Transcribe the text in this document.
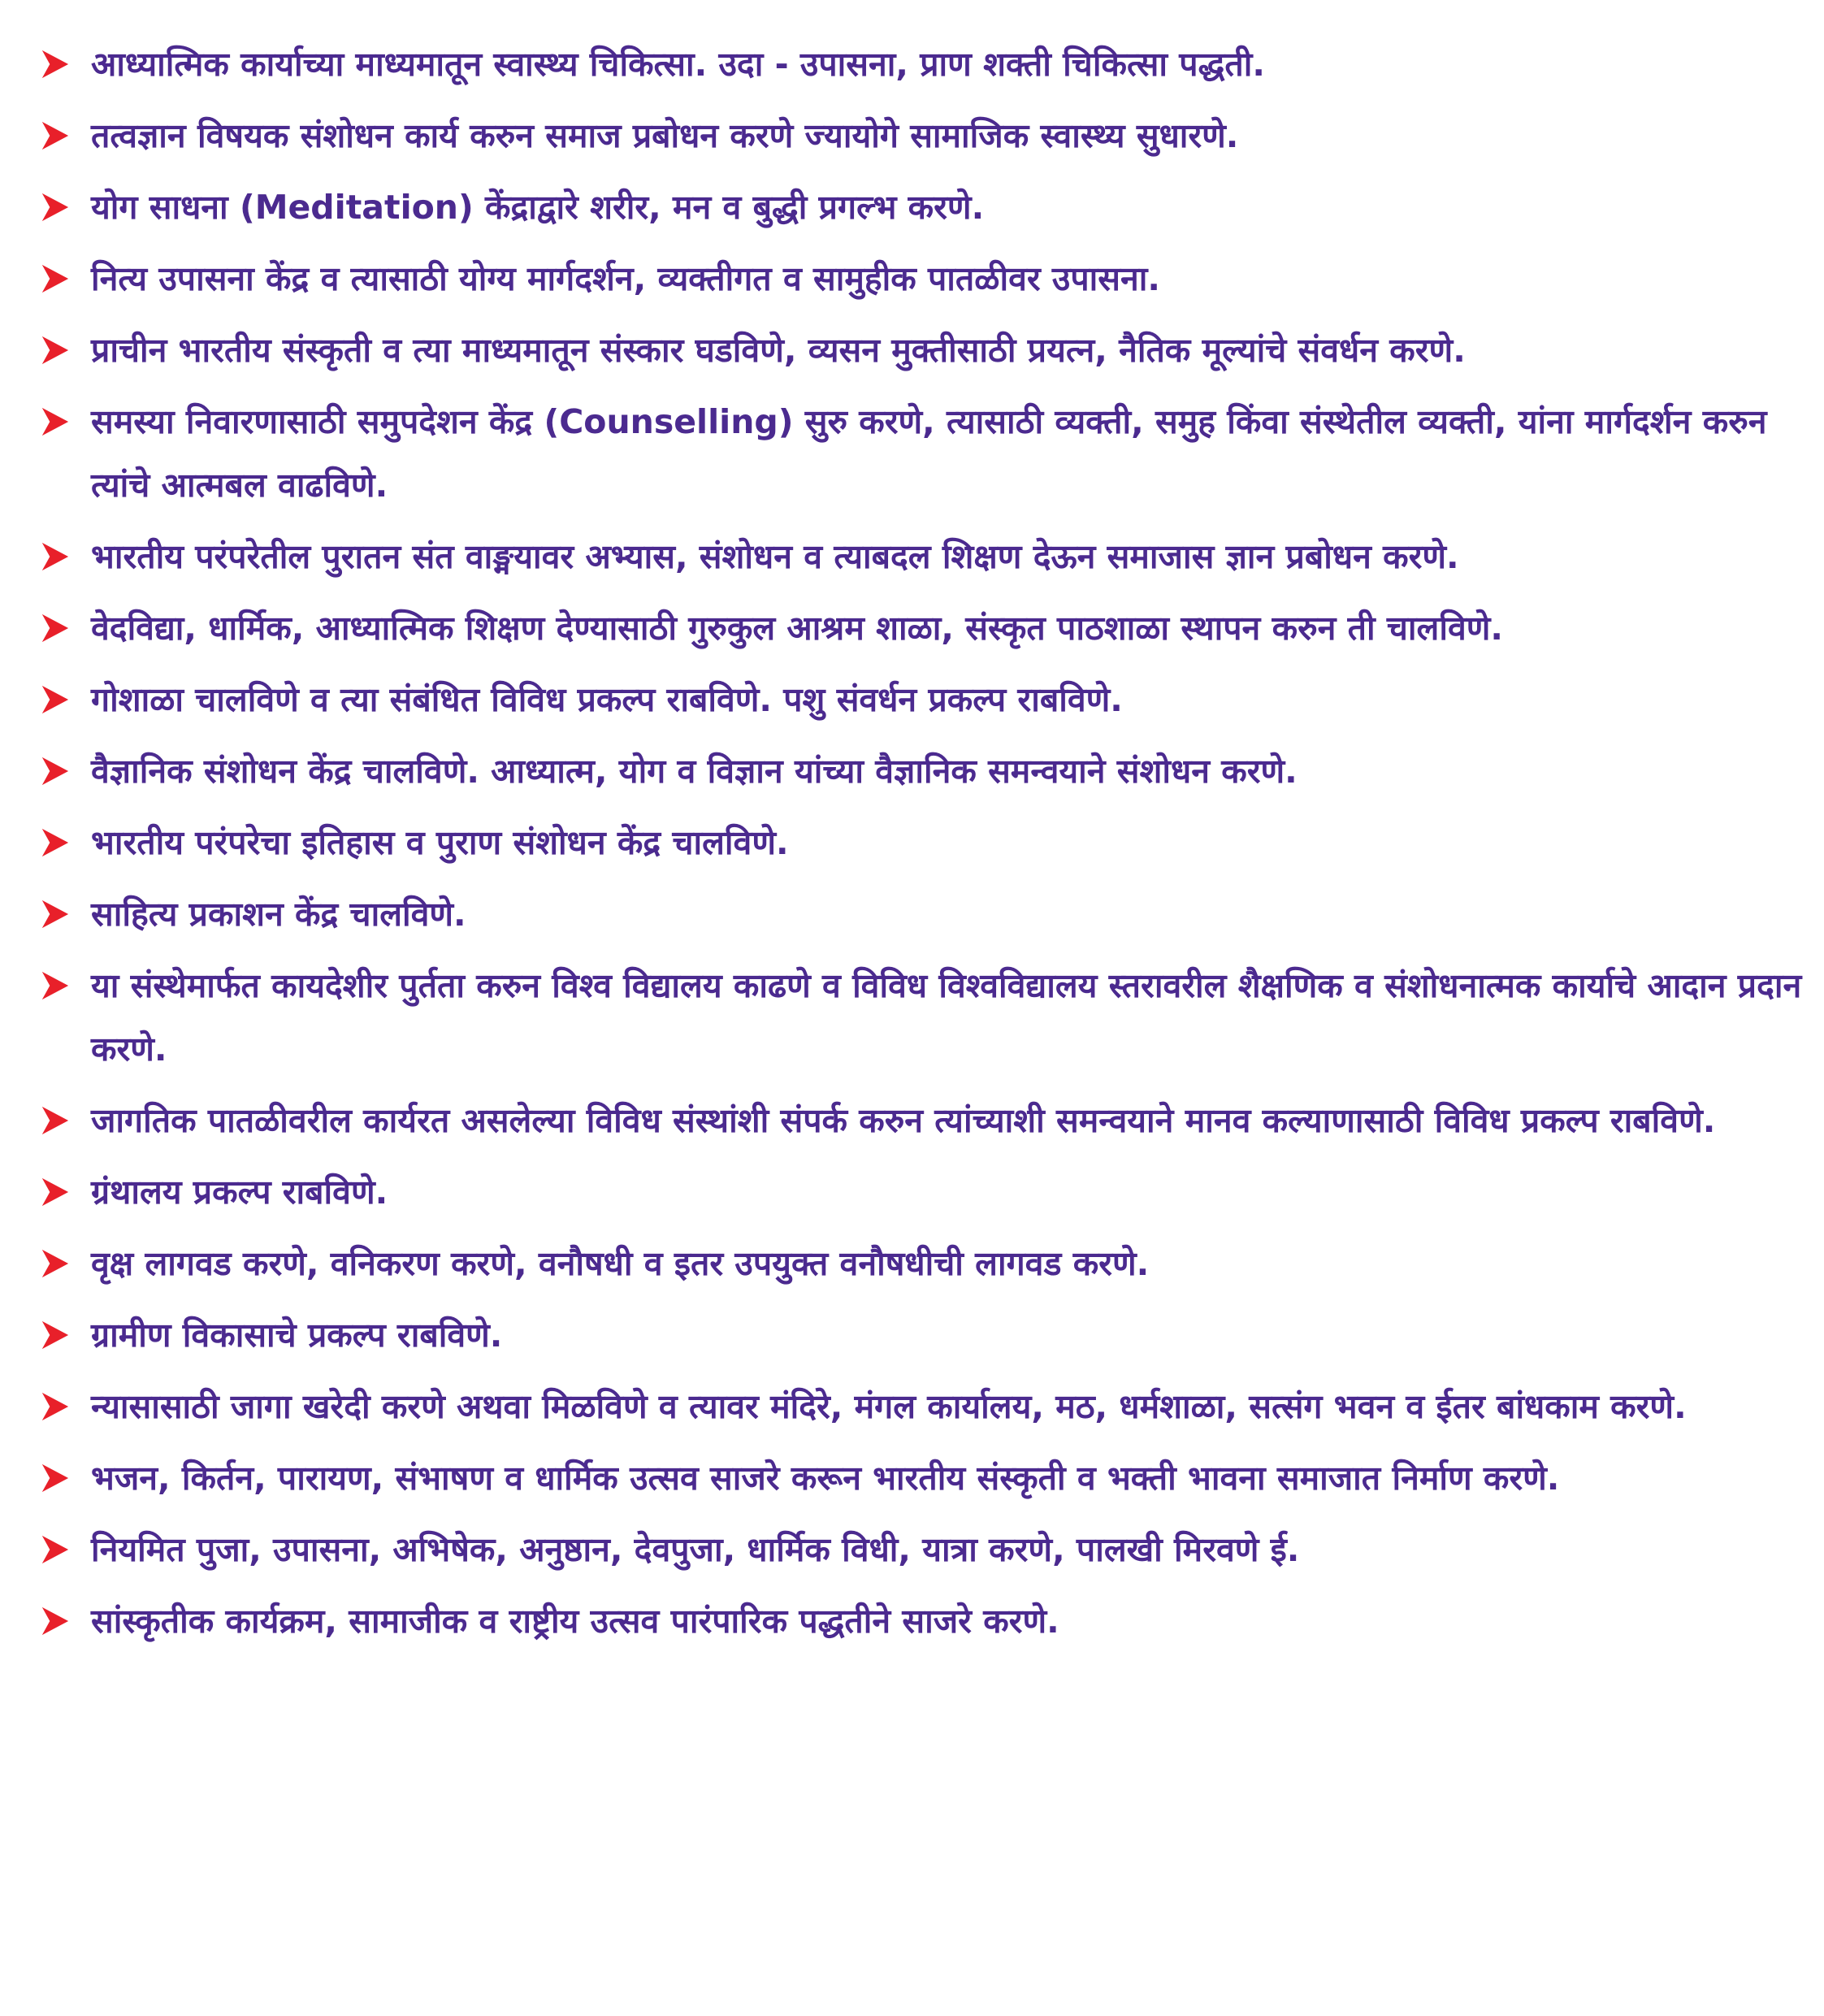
आध्यात्मिक कार्याच्या माध्यमातून स्वास्थ्य चिकित्सा. उदा - उपासना, प्राण शक्ती चिकित्सा पद्धती.
तत्वज्ञान विषयक संशोधन कार्य करुन समाज प्रबोधन करणे ज्यायोगे सामाजिक स्वास्थ्य सुधारणे.
योग साधना (Meditation) केंद्राद्वारे शरीर, मन व बुद्धी प्रगल्भ करणे.
नित्य उपासना केंद्र व त्यासाठी योग्य मार्गदर्शन, व्यक्तीगत व सामुहीक पातळीवर उपासना.
प्राचीन भारतीय संस्कृती व त्या माध्यमातून संस्कार घडविणे, व्यसन मुक्तीसाठी प्रयत्न, नैतिक मूल्यांचे संवर्धन करणे.
समस्या निवारणासाठी समुपदेशन केंद्र (Counselling) सुरु करणे, त्यासाठी व्यक्ती, समुह किंवा संस्थेतील व्यक्ती, यांना मार्गदर्शन करुन त्यांचे आत्मबल वाढविणे.
भारतीय परंपरेतील पुरातन संत वाङ्मयावर अभ्यास, संशोधन व त्याबदल शिक्षण देऊन समाजास ज्ञान प्रबोधन करणे.
वेदविद्या, धार्मिक, आध्यात्मिक शिक्षण देण्यासाठी गुरुकुल आश्रम शाळा, संस्कृत पाठशाळा स्थापन करुन ती चालविणे.
गोशाळा चालविणे व त्या संबंधित विविध प्रकल्प राबविणे. पशु संवर्धन प्रकल्प राबविणे.
वैज्ञानिक संशोधन केंद्र चालविणे. आध्यात्म, योग व विज्ञान यांच्या वैज्ञानिक समन्वयाने संशोधन करणे.
भारतीय परंपरेचा इतिहास व पुराण संशोधन केंद्र चालविणे.
साहित्य प्रकाशन केंद्र चालविणे.
या संस्थेमार्फत कायदेशीर पुर्तता करुन विश्व विद्यालय काढणे व विविध विश्वविद्यालय स्तरावरील शैक्षणिक व संशोधनात्मक कार्याचे आदान प्रदान करणे.
जागतिक पातळीवरील कार्यरत असलेल्या विविध संस्थांशी संपर्क करुन त्यांच्याशी समन्वयाने मानव कल्याणासाठी विविध प्रकल्प राबविणे.
ग्रंथालय प्रकल्प राबविणे.
वृक्ष लागवड करणे, वनिकरण करणे, वनौषधी व इतर उपयुक्त वनौषधीची लागवड करणे.
ग्रामीण विकासाचे प्रकल्प राबविणे.
न्यासासाठी जागा खरेदी करणे अथवा मिळविणे व त्यावर मंदिरे, मंगल कार्यालय, मठ, धर्मशाळा, सत्संग भवन व ईतर बांधकाम करणे.
भजन, किर्तन, पारायण, संभाषण व धार्मिक उत्सव साजरे करून भारतीय संस्कृती व भक्ती भावना समाजात निर्माण करणे.
नियमित पुजा, उपासना, अभिषेक, अनुष्ठान, देवपुजा, धार्मिक विधी, यात्रा करणे, पालखी मिरवणे ई.
सांस्कृतीक कार्यक्रम, सामाजीक व राष्ट्रीय उत्सव पारंपारिक पद्धतीने साजरे करणे.
